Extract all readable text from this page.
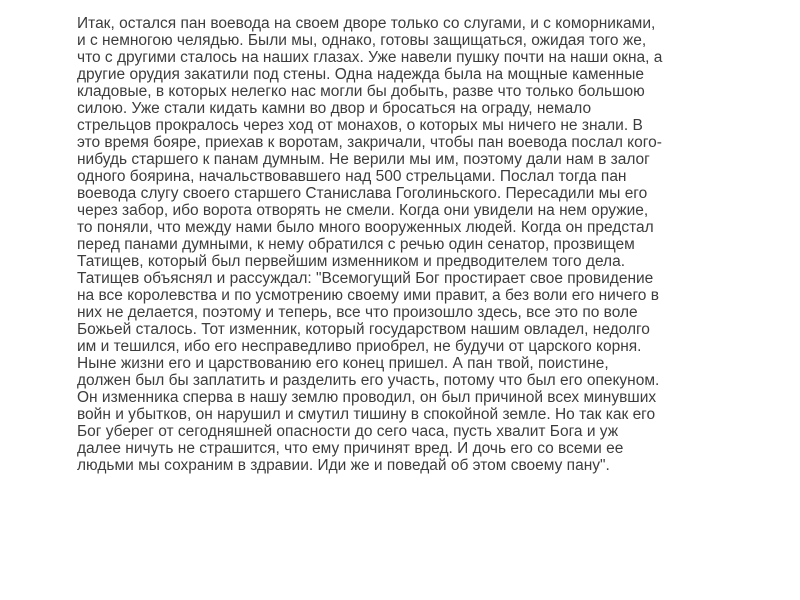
Итак, остался пан воевода на своем дворе только со слугами, и с коморниками,
и с немногою челядью. Были мы, однако, готовы защищаться, ожидая того же,
что с другими сталось на наших глазах. Уже навели пушку почти на наши окна, а
другие орудия закатили под стены. Одна надежда была на мощные каменные
кладовые, в которых нелегко нас могли бы добыть, разве что только большою
силою. Уже стали кидать камни во двор и бросаться на ограду, немало
стрельцов прокралось через ход от монахов, о которых мы ничего не знали. В
это время бояре, приехав к воротам, закричали, чтобы пан воевода послал кого-
нибудь старшего к панам думным. Не верили мы им, поэтому дали нам в залог
одного боярина, начальствовавшего над 500 стрельцами. Послал тогда пан
воевода слугу своего старшего Станислава Гоголиньского. Пересадили мы его
через забор, ибо ворота отворять не смели. Когда они увидели на нем оружие,
то поняли, что между нами было много вооруженных людей. Когда он предстал
перед панами думными, к нему обратился с речью один сенатор, прозвищем
Татищев, который был первейшим изменником и предводителем того дела.
Татищев объяснял и рассуждал: "Всемогущий Бог простирает свое провидение
на все королевства и по усмотрению своему ими правит, а без воли его ничего в
них не делается, поэтому и теперь, все что произошло здесь, все это по воле
Божьей сталось. Тот изменник, который государством нашим овладел, недолго
им и тешился, ибо его несправедливо приобрел, не будучи от царского корня.
Ныне жизни его и царствованию его конец пришел. А пан твой, поистине,
должен был бы заплатить и разделить его участь, потому что был его опекуном.
Он изменника сперва в нашу землю проводил, он был причиной всех минувших
войн и убытков, он нарушил и смутил тишину в спокойной земле. Но так как его
Бог уберег от сегодняшней опасности до сего часа, пусть хвалит Бога и уж
далее ничуть не страшится, что ему причинят вред. И дочь его со всеми ее
людьми мы сохраним в здравии. Иди же и поведай об этом своему пану".
